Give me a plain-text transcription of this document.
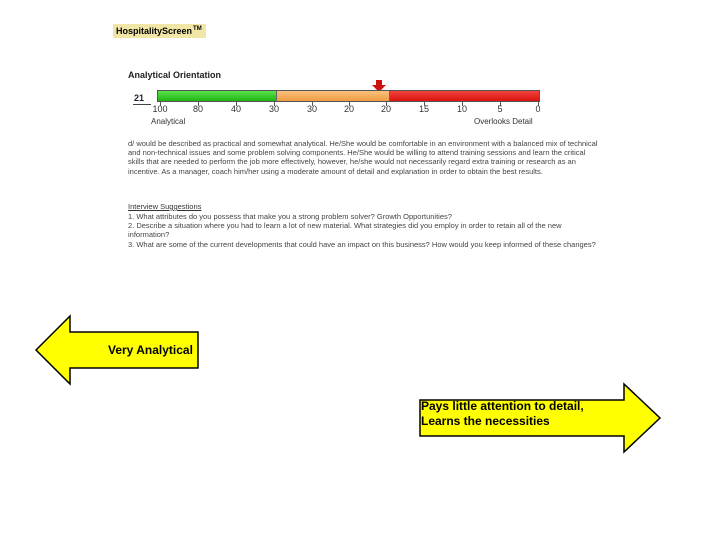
HospitalityScreen™
Analytical Orientation
21
100	80	40	30	30	20	20	15	10	5	0
Analytical	Overlooks Detail
d/ would be described as practical and somewhat analytical. He/She would be comfortable in an environment with a balanced mix of technical and non-technical issues and some problem solving components. He/She would be willing to attend training sessions and learn the critical skills that are needed to perform the job more effectively, however, he/she would not necessarily regard extra training or research as an incentive. As a manager, coach him/her using a moderate amount of detail and explanation in order to obtain the best results.
Interview Suggestions
1. What attributes do you possess that make you a strong problem solver? Growth Opportunities?
2. Describe a situation where you had to learn a lot of new material. What strategies did you employ in order to retain all of the new information?
3. What are some of the current developments that could have an impact on this business? How would you keep informed of these changes?
Very Analytical
Pays little attention to detail,
Learns the necessities
